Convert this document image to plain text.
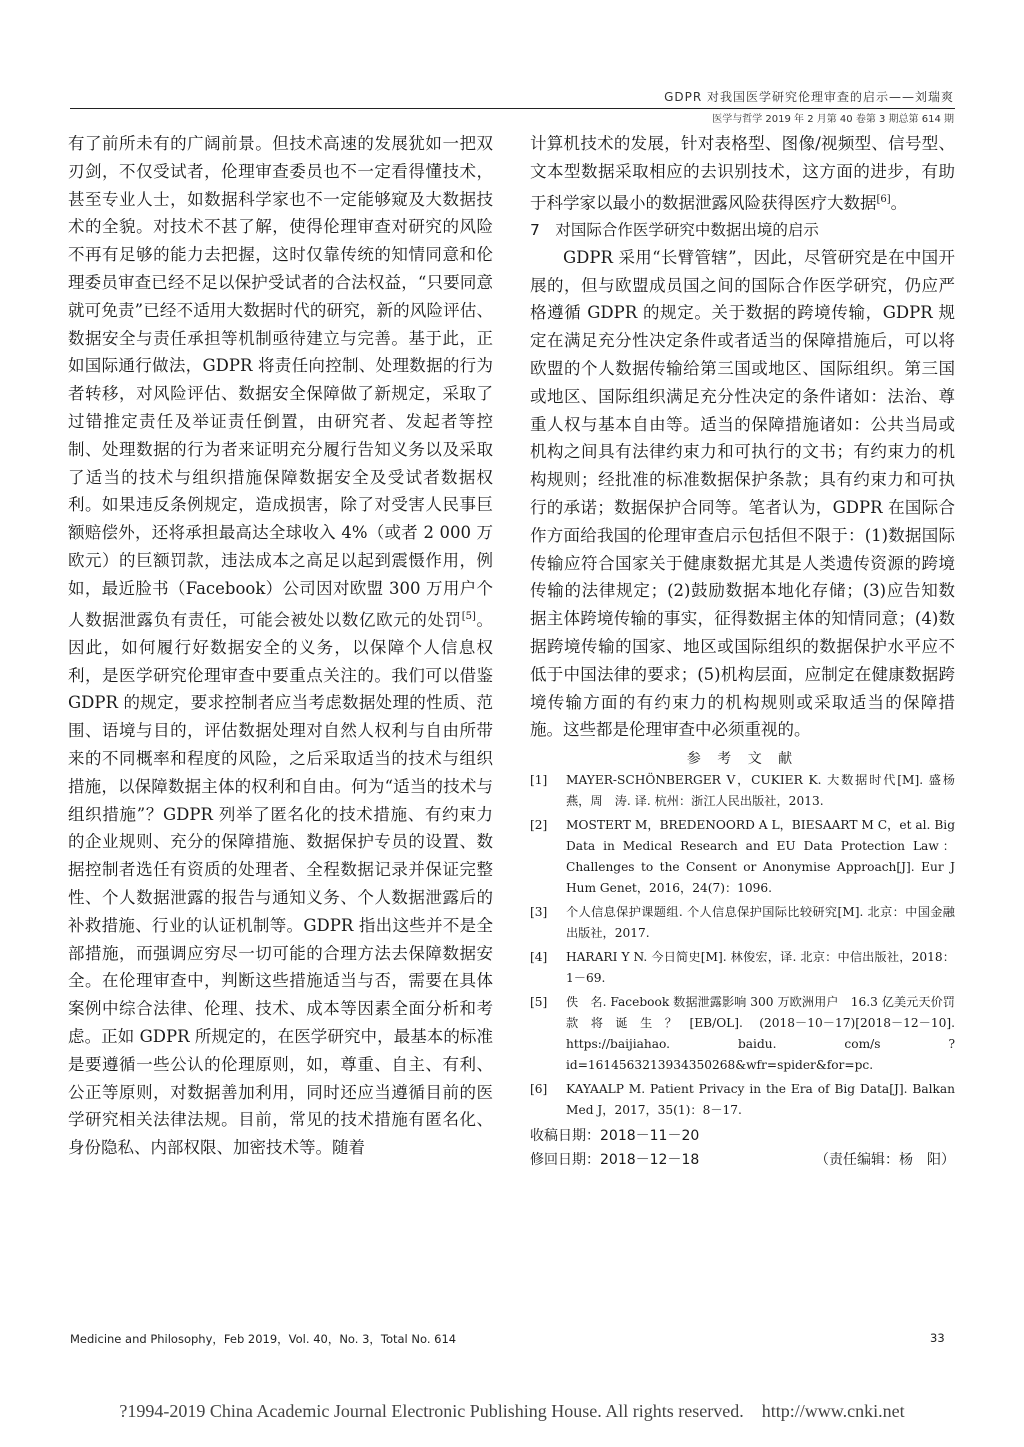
GDPR 对我国医学研究伦理审查的启示——刘瑞爽
医学与哲学 2019 年 2 月第 40 卷第 3 期总第 614 期

有了前所未有的广阔前景。但技术高速的发展犹如一把双刃剑，不仅受试者，伦理审查委员也不一定看得懂技术，甚至专业人士，如数据科学家也不一定能够窥及大数据技术的全貌。对技术不甚了解，使得伦理审查对研究的风险不再有足够的能力去把握，这时仅靠传统的知情同意和伦理委员审查已经不足以保护受试者的合法权益，“只要同意就可免责”已经不适用大数据时代的研究，新的风险评估、数据安全与责任承担等机制亟待建立与完善。基于此，正如国际通行做法，GDPR 将责任向控制、处理数据的行为者转移，对风险评估、数据安全保障做了新规定，采取了过错推定责任及举证责任倒置，由研究者、发起者等控制、处理数据的行为者来证明充分履行告知义务以及采取了适当的技术与组织措施保障数据安全及受试者数据权利。如果违反条例规定，造成损害，除了对受害人民事巨额赔偿外，还将承担最高达全球收入 4%（或者 2 000 万欧元）的巨额罚款，违法成本之高足以起到震慑作用，例如，最近脸书（Facebook）公司因对欧盟 300 万用户个人数据泄露负有责任，可能会被处以数亿欧元的处罚[5]。因此，如何履行好数据安全的义务，以保障个人信息权利，是医学研究伦理审查中要重点关注的。我们可以借鉴 GDPR 的规定，要求控制者应当考虑数据处理的性质、范围、语境与目的，评估数据处理对自然人权利与自由所带来的不同概率和程度的风险，之后采取适当的技术与组织措施，以保障数据主体的权利和自由。何为“适当的技术与组织措施”？GDPR 列举了匿名化的技术措施、有约束力的企业规则、充分的保障措施、数据保护专员的设置、数据控制者选任有资质的处理者、全程数据记录并保证完整性、个人数据泄露的报告与通知义务、个人数据泄露后的补救措施、行业的认证机制等。GDPR 指出这些并不是全部措施，而强调应穷尽一切可能的合理方法去保障数据安全。在伦理审查中，判断这些措施适当与否，需要在具体案例中综合法律、伦理、技术、成本等因素全面分析和考虑。正如 GDPR 所规定的，在医学研究中，最基本的标准是要遵循一些公认的伦理原则，如，尊重、自主、有利、公正等原则，对数据善加利用，同时还应当遵循目前的医学研究相关法律法规。目前，常见的技术措施有匿名化、身份隐私、内部权限、加密技术等。随着

计算机技术的发展，针对表格型、图像/视频型、信号型、文本型数据采取相应的去识别技术，这方面的进步，有助于科学家以最小的数据泄露风险获得医疗大数据[6]。

7　对国际合作医学研究中数据出境的启示

GDPR 采用“长臂管辖”，因此，尽管研究是在中国开展的，但与欧盟成员国之间的国际合作医学研究，仍应严格遵循 GDPR 的规定。关于数据的跨境传输，GDPR 规定在满足充分性决定条件或者适当的保障措施后，可以将欧盟的个人数据传输给第三国或地区、国际组织。第三国或地区、国际组织满足充分性决定的条件诸如：法治、尊重人权与基本自由等。适当的保障措施诸如：公共当局或机构之间具有法律约束力和可执行的文书；有约束力的机构规则；经批准的标准数据保护条款；具有约束力和可执行的承诺；数据保护合同等。笔者认为，GDPR 在国际合作方面给我国的伦理审查启示包括但不限于：(1)数据国际传输应符合国家关于健康数据尤其是人类遗传资源的跨境传输的法律规定；(2)鼓励数据本地化存储；(3)应告知数据主体跨境传输的事实，征得数据主体的知情同意；(4)数据跨境传输的国家、地区或国际组织的数据保护水平应不低于中国法律的要求；(5)机构层面，应制定在健康数据跨境传输方面的有约束力的机构规则或采取适当的保障措施。这些都是伦理审查中必须重视的。

参 考 文 献
[1]	MAYER-SCHÖNBERGER V，CUKIER K. 大数据时代[M]. 盛杨燕，周　涛. 译. 杭州：浙江人民出版社，2013.
[2]	MOSTERT M，BREDENOORD A L，BIESAART M C，et al. Big Data in Medical Research and EU Data Protection Law：Challenges to the Consent or Anonymise Approach[J]. Eur J Hum Genet，2016，24(7)：1096.
[3]	个人信息保护课题组. 个人信息保护国际比较研究[M]. 北京：中国金融出版社，2017.
[4]	HARARI Y N. 今日简史[M]. 林俊宏，译. 北京：中信出版社，2018：1－69.
[5]	佚　名. Facebook 数据泄露影响 300 万欧洲用户　16.3 亿美元天价罚款将诞生？[EB/OL]. (2018－10－17)[2018－12－10]. https://baijiahao. baidu. com/s ?id=1614563213934350268&wfr=spider&for=pc.
[6]	KAYAALP M. Patient Privacy in the Era of Big Data[J]. Balkan Med J，2017，35(1)：8－17.
收稿日期：2018－11－20
修回日期：2018－12－18	（责任编辑：杨　阳）
Medicine and Philosophy，Feb 2019，Vol. 40，No. 3，Total No. 614	33
?1994-2019 China Academic Journal Electronic Publishing House. All rights reserved.　http://www.cnki.net
